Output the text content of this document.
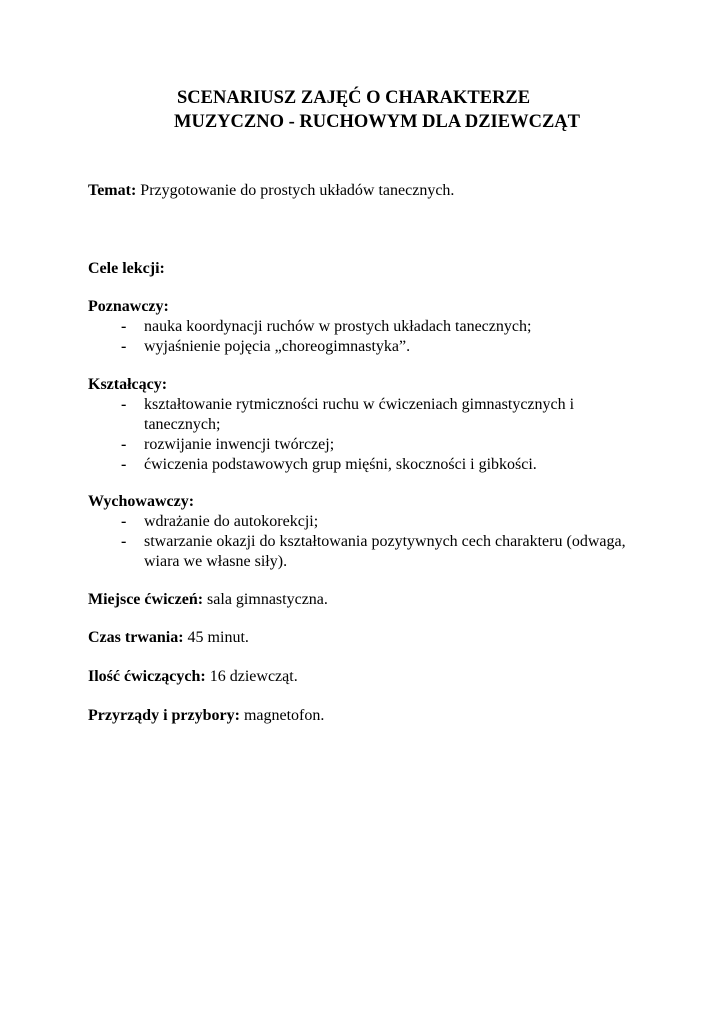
SCENARIUSZ ZAJĘĆ O CHARAKTERZE
MUZYCZNO - RUCHOWYM DLA DZIEWCZĄT
Temat: Przygotowanie do prostych układów tanecznych.
Cele lekcji:
Poznawczy:
- nauka koordynacji ruchów w prostych układach tanecznych;
- wyjaśnienie pojęcia „choreogimnastyka”.
Kształcący:
- kształtowanie rytmiczności ruchu w ćwiczeniach gimnastycznych i tanecznych;
- rozwijanie inwencji twórczej;
- ćwiczenia podstawowych grup mięśni, skoczności i gibkości.
Wychowawczy:
- wdrażanie do autokorekcji;
- stwarzanie okazji do kształtowania pozytywnych cech charakteru (odwaga, wiara we własne siły).
Miejsce ćwiczeń: sala gimnastyczna.
Czas trwania: 45 minut.
Ilość ćwiczących: 16 dziewcząt.
Przyrządy i przybory: magnetofon.
